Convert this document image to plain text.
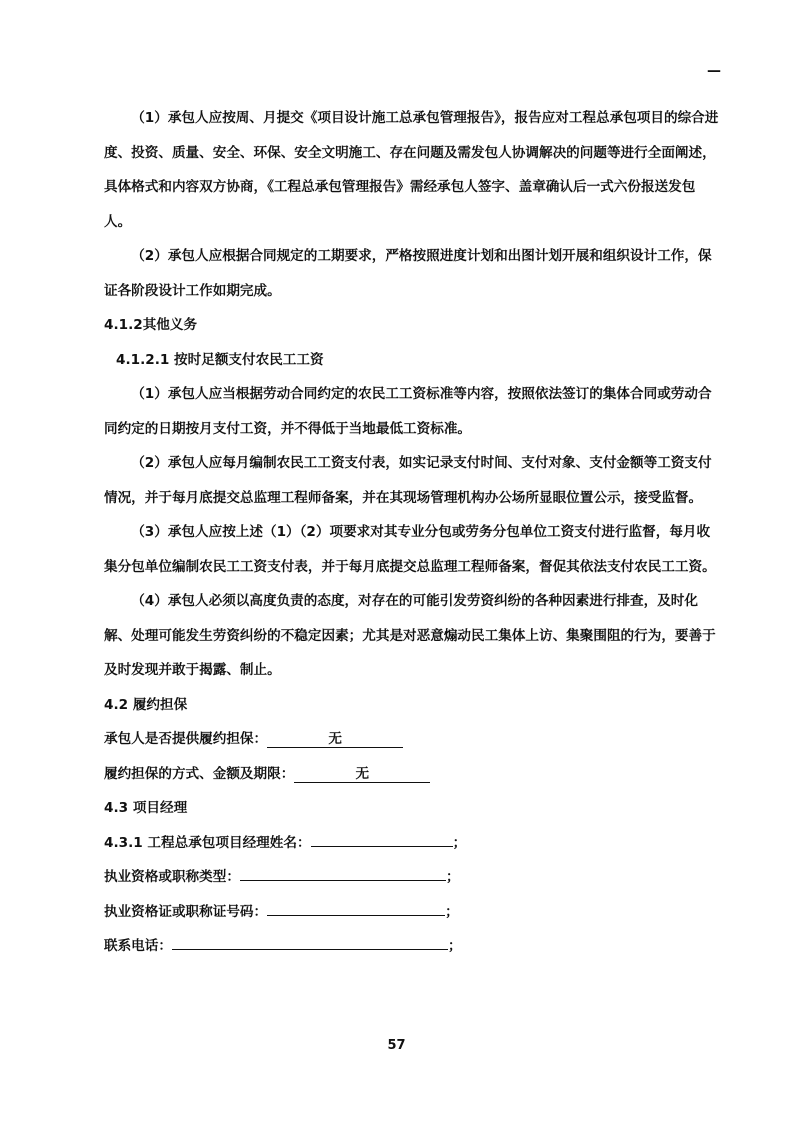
—

（1）承包人应按周、月提交《项目设计施工总承包管理报告》，报告应对工程总承包项目的综合进度、投资、质量、安全、环保、安全文明施工、存在问题及需发包人协调解决的问题等进行全面阐述，具体格式和内容双方协商，《工程总承包管理报告》需经承包人签字、盖章确认后一式六份报送发包人。

（2）承包人应根据合同规定的工期要求，严格按照进度计划和出图计划开展和组织设计工作，保证各阶段设计工作如期完成。

4.1.2其他义务

4.1.2.1 按时足额支付农民工工资

（1）承包人应当根据劳动合同约定的农民工工资标准等内容，按照依法签订的集体合同或劳动合同约定的日期按月支付工资，并不得低于当地最低工资标准。

（2）承包人应每月编制农民工工资支付表，如实记录支付时间、支付对象、支付金额等工资支付情况，并于每月底提交总监理工程师备案，并在其现场管理机构办公场所显眼位置公示，接受监督。

（3）承包人应按上述（1）（2）项要求对其专业分包或劳务分包单位工资支付进行监督，每月收集分包单位编制农民工工资支付表，并于每月底提交总监理工程师备案，督促其依法支付农民工工资。

（4）承包人必须以高度负责的态度，对存在的可能引发劳资纠纷的各种因素进行排查，及时化解、处理可能发生劳资纠纷的不稳定因素；尤其是对恶意煽动民工集体上访、集聚围阻的行为，要善于及时发现并敢于揭露、制止。

4.2 履约担保

承包人是否提供履约担保：	无

履约担保的方式、金额及期限：	无

4.3 项目经理

4.3.1 工程总承包项目经理姓名：	；

执业资格或职称类型：	；

执业资格证或职称证号码：	；

联系电话：	；

57
